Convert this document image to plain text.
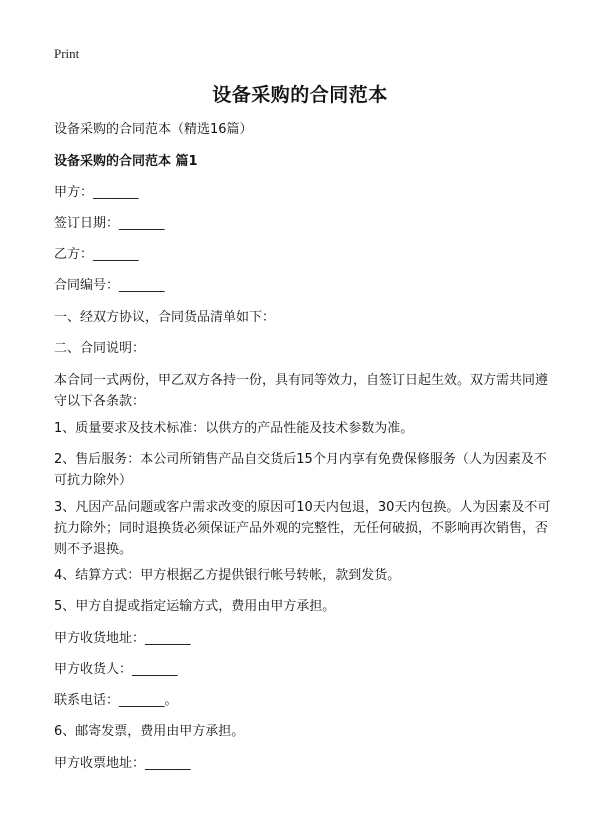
Print
设备采购的合同范本
设备采购的合同范本（精选16篇）
设备采购的合同范本 篇1
甲方：_______
签订日期：_______
乙方：_______
合同编号：_______
一、经双方协议，合同货品清单如下：
二、合同说明：
本合同一式两份，甲乙双方各持一份，具有同等效力，自签订日起生效。双方需共同遵守以下各条款：
1、质量要求及技术标准：以供方的产品性能及技术参数为准。
2、售后服务：本公司所销售产品自交货后15个月内享有免费保修服务（人为因素及不可抗力除外）
3、凡因产品问题或客户需求改变的原因可10天内包退，30天内包换。人为因素及不可抗力除外；同时退换货必须保证产品外观的完整性，无任何破损，不影响再次销售，否则不予退换。
4、结算方式：甲方根据乙方提供银行帐号转帐，款到发货。
5、甲方自提或指定运输方式，费用由甲方承担。
甲方收货地址：_______
甲方收货人：_______
联系电话：_______。
6、邮寄发票，费用由甲方承担。
甲方收票地址：_______
